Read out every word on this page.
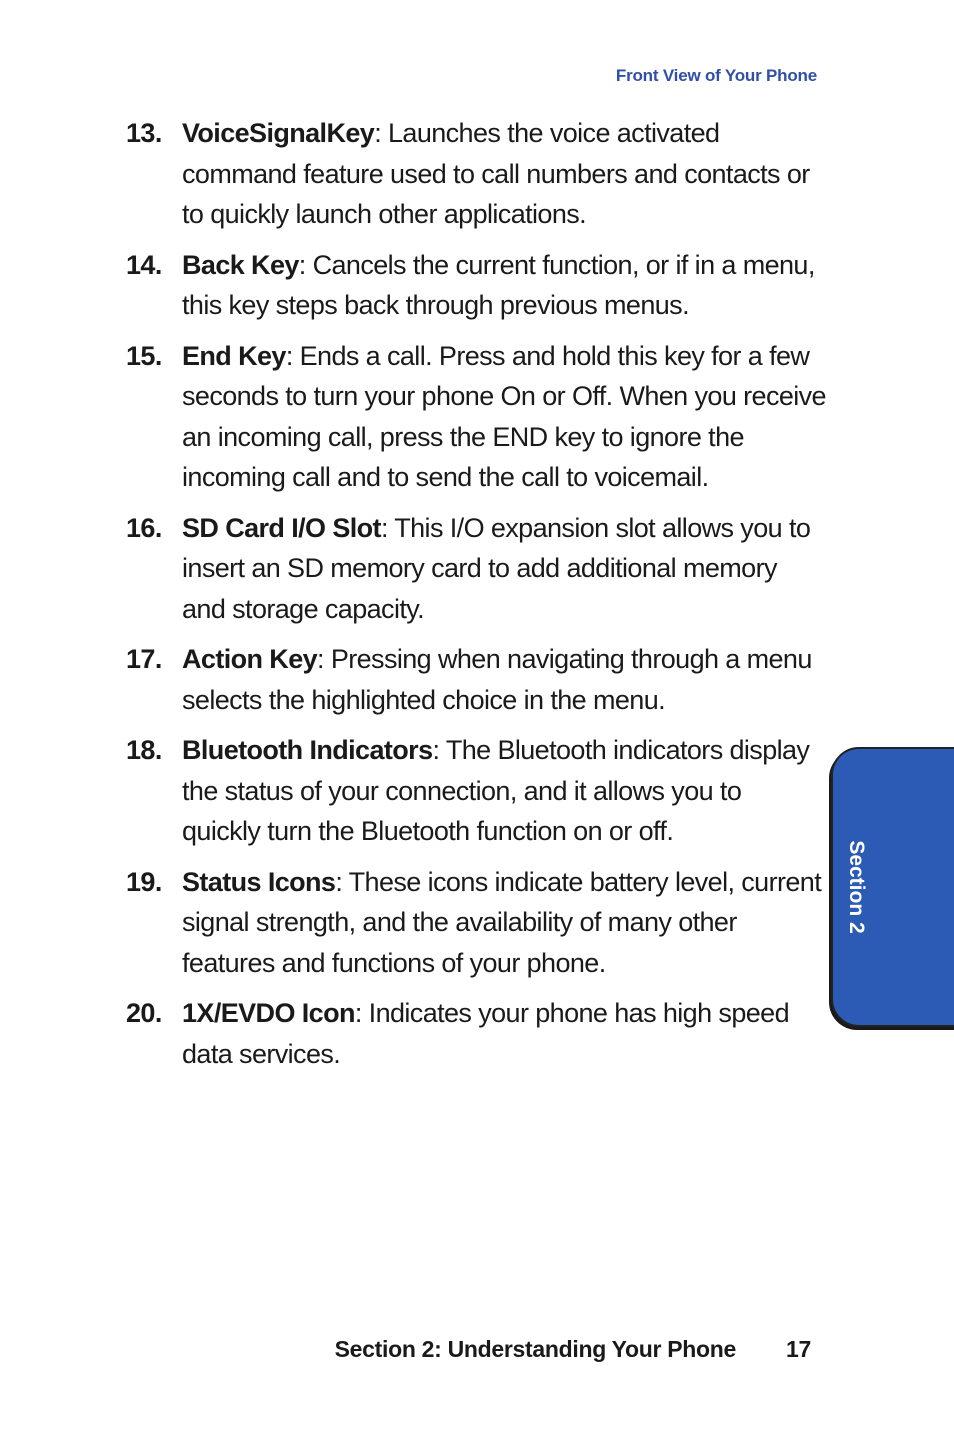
Front View of Your Phone
13. VoiceSignalKey: Launches the voice activated command feature used to call numbers and contacts or to quickly launch other applications.
14. Back Key: Cancels the current function, or if in a menu, this key steps back through previous menus.
15. End Key: Ends a call. Press and hold this key for a few seconds to turn your phone On or Off. When you receive an incoming call, press the END key to ignore the incoming call and to send the call to voicemail.
16. SD Card I/O Slot: This I/O expansion slot allows you to insert an SD memory card to add additional memory and storage capacity.
17. Action Key: Pressing when navigating through a menu selects the highlighted choice in the menu.
18. Bluetooth Indicators: The Bluetooth indicators display the status of your connection, and it allows you to quickly turn the Bluetooth function on or off.
19. Status Icons: These icons indicate battery level, current signal strength, and the availability of many other features and functions of your phone.
20. 1X/EVDO Icon: Indicates your phone has high speed data services.
Section 2
Section 2: Understanding Your Phone 17
